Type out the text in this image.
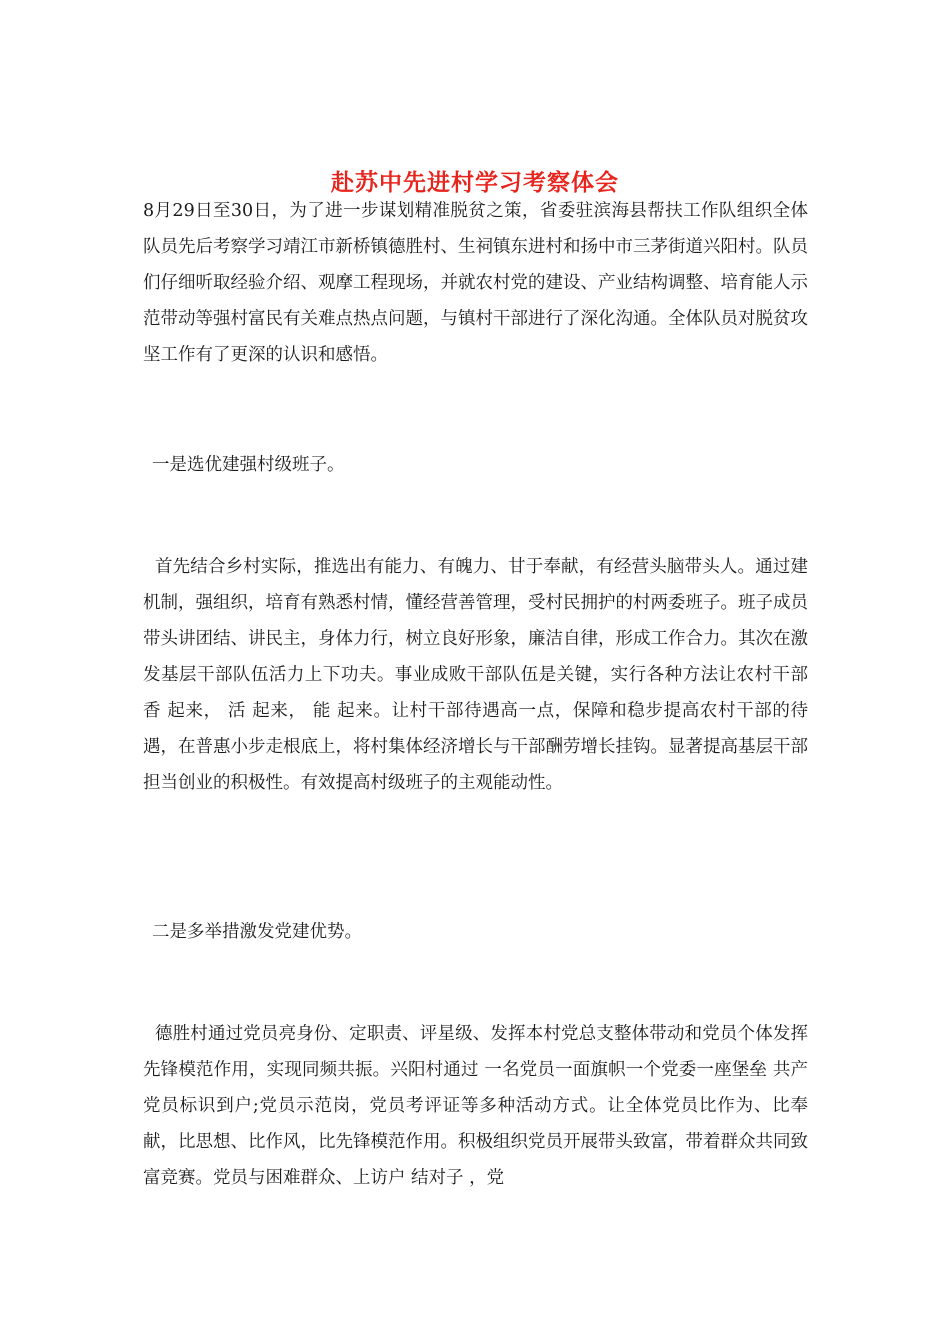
赴苏中先进村学习考察体会

8月29日至30日，为了进一步谋划精准脱贫之策，省委驻滨海县帮扶工作队组织全体队员先后考察学习靖江市新桥镇德胜村、生祠镇东进村和扬中市三茅街道兴阳村。队员们仔细听取经验介绍、观摩工程现场，并就农村党的建设、产业结构调整、培育能人示范带动等强村富民有关难点热点问题，与镇村干部进行了深化沟通。全体队员对脱贫攻坚工作有了更深的认识和感悟。

一是选优建强村级班子。

首先结合乡村实际，推选出有能力、有魄力、甘于奉献，有经营头脑带头人。通过建机制，强组织，培育有熟悉村情，懂经营善管理，受村民拥护的村两委班子。班子成员带头讲团结、讲民主，身体力行，树立良好形象，廉洁自律，形成工作合力。其次在激发基层干部队伍活力上下功夫。事业成败干部队伍是关键，实行各种方法让农村干部 香 起来， 活 起来， 能 起来。让村干部待遇高一点，保障和稳步提高农村干部的待遇，在普惠小步走根底上，将村集体经济增长与干部酬劳增长挂钩。显著提高基层干部担当创业的积极性。有效提高村级班子的主观能动性。

二是多举措激发党建优势。

德胜村通过党员亮身份、定职责、评星级、发挥本村党总支整体带动和党员个体发挥先锋模范作用，实现同频共振。兴阳村通过 一名党员一面旗帜一个党委一座堡垒 共产党员标识到户;党员示范岗，党员考评证等多种活动方式。让全体党员比作为、比奉献，比思想、比作风，比先锋模范作用。积极组织党员开展带头致富，带着群众共同致富竞赛。党员与困难群众、上访户 结对子 ，党
